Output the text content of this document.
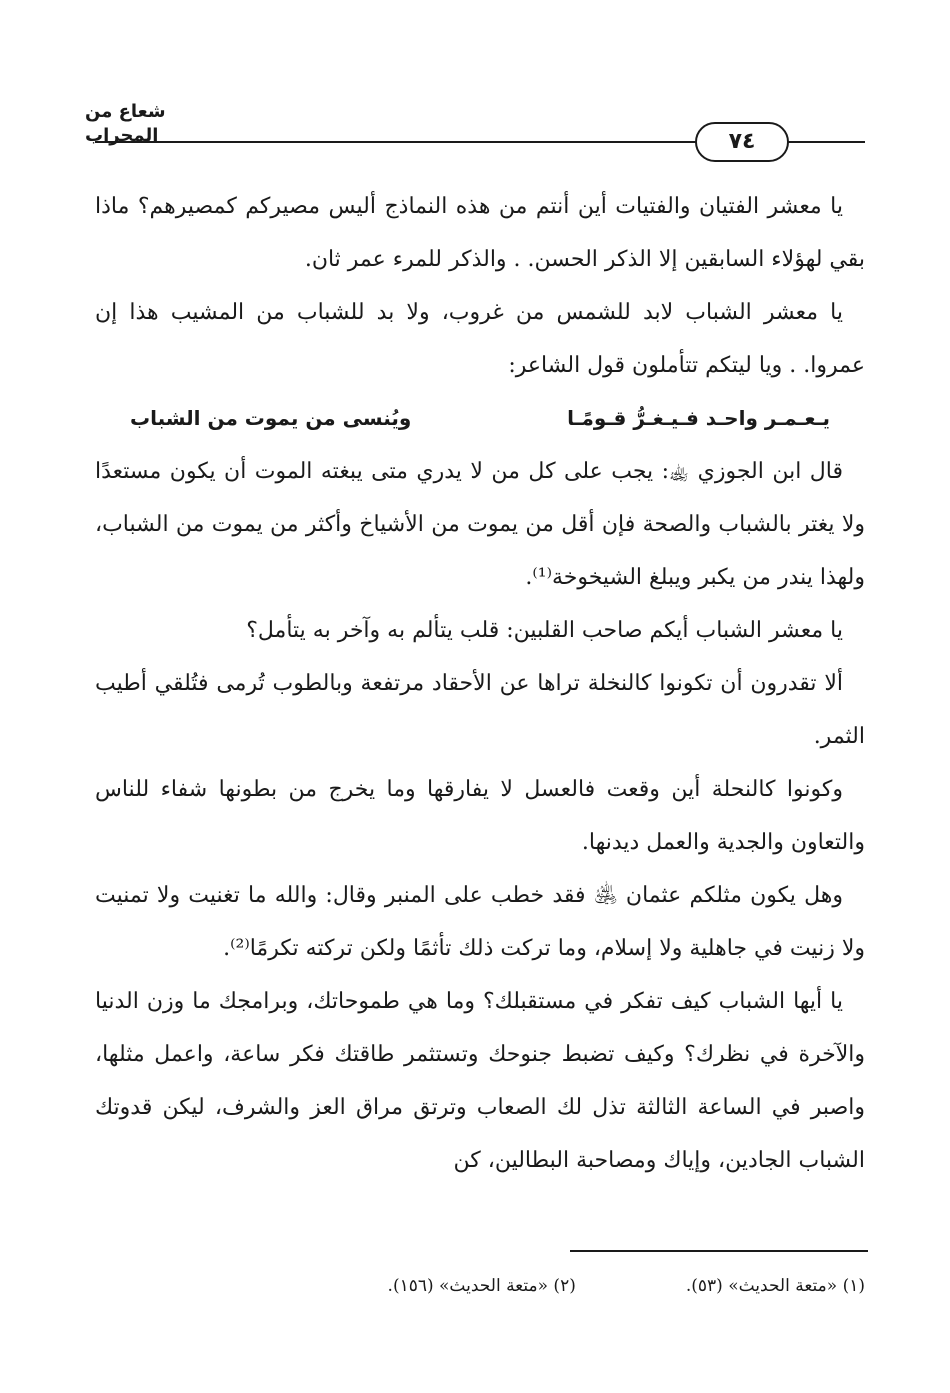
شعاع من المحراب	٧٤

يا معشر الفتيان والفتيات أين أنتم من هذه النماذج أليس مصيركم كمصيرهم؟ ماذا بقي لهؤلاء السابقين إلا الذكر الحسن. . والذكر للمرء عمر ثان.

يا معشر الشباب لابد للشمس من غروب، ولا بد للشباب من المشيب هذا إن عمروا. . ويا ليتكم تتأملون قول الشاعر:

يـعـمـر واحـد فـيـغـرُّ قـومًـا
ويُنسى من يموت من الشباب

قال ابن الجوزي ﵀: يجب على كل من لا يدري متى يبغته الموت أن يكون مستعدًا ولا يغتر بالشباب والصحة فإن أقل من يموت من الأشياخ وأكثر من يموت من الشباب، ولهذا يندر من يكبر ويبلغ الشيخوخة⁽¹⁾.

يا معشر الشباب أيكم صاحب القلبين: قلب يتألم به وآخر به يتأمل؟

ألا تقدرون أن تكونوا كالنخلة تراها عن الأحقاد مرتفعة وبالطوب تُرمى فتُلقي أطيب الثمر.

وكونوا كالنحلة أين وقعت فالعسل لا يفارقها وما يخرج من بطونها شفاء للناس والتعاون والجدية والعمل ديدنها.

وهل يكون مثلكم عثمان ﵁ فقد خطب على المنبر وقال: والله ما تغنيت ولا تمنيت ولا زنيت في جاهلية ولا إسلام، وما تركت ذلك تأثمًا ولكن تركته تكرمًا⁽²⁾.

يا أيها الشباب كيف تفكر في مستقبلك؟ وما هي طموحاتك، وبرامجك ما وزن الدنيا والآخرة في نظرك؟ وكيف تضبط جنوحك وتستثمر طاقتك فكر ساعة، واعمل مثلها، واصبر في الساعة الثالثة تذل لك الصعاب وترتق مراق العز والشرف، ليكن قدوتك الشباب الجادين، وإياك ومصاحبة البطالين، كن

(١) «متعة الحديث» (٥٣).
(٢) «متعة الحديث» (١٥٦).
